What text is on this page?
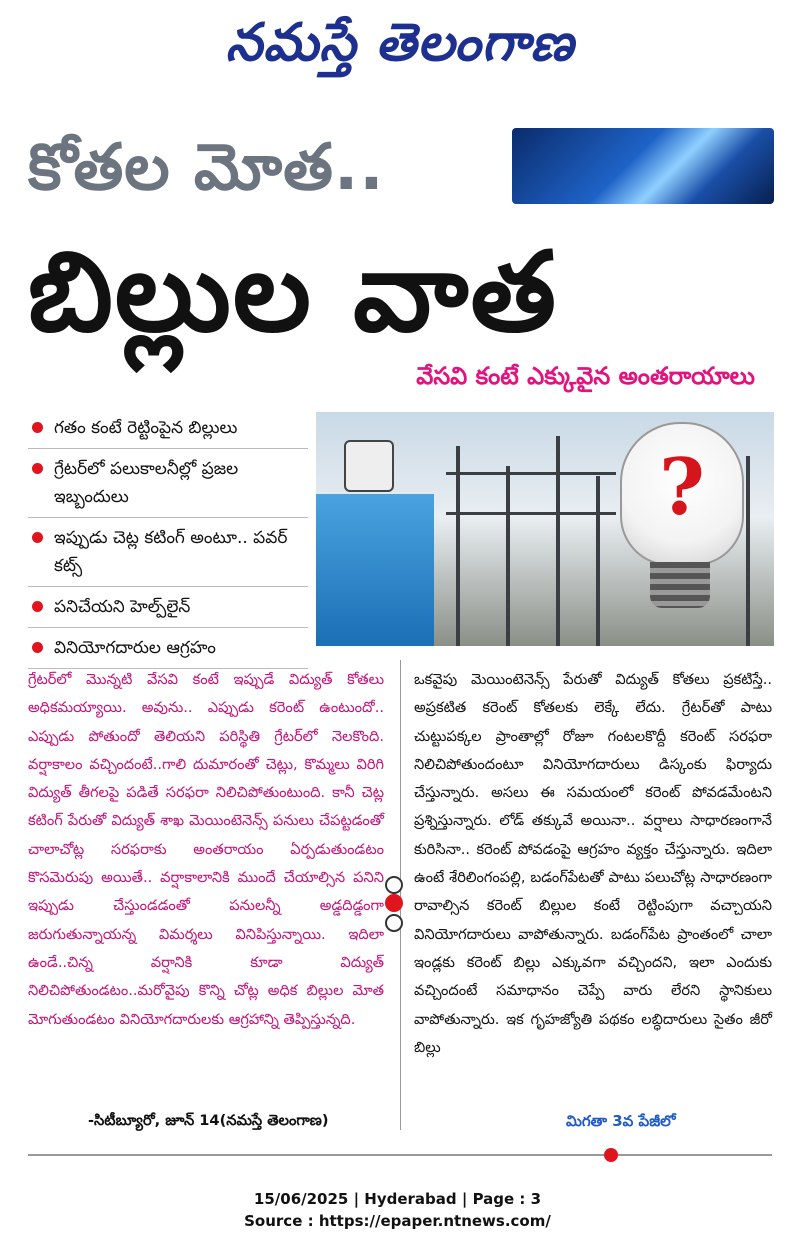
నమస్తే తెలంగాణ
కోతల మోత..
బిల్లుల వాత
వేసవి కంటే ఎక్కువైన అంతరాయాలు
గతం కంటే రెట్టింపైన బిల్లులు
గ్రేటర్‌లో పలుకాలనీల్లో ప్రజల ఇబ్బందులు
ఇప్పుడు చెట్ల కటింగ్ అంటూ.. పవర్ కట్స్
పనిచేయని హెల్ప్‌లైన్
వినియోగదారుల ఆగ్రహం
?
గ్రేటర్‌లో మొన్నటి వేసవి కంటే ఇప్పుడే విద్యుత్ కోతలు అధికమయ్యాయి. అవును.. ఎప్పుడు కరెంట్ ఉంటుందో.. ఎప్పుడు పోతుందో తెలియని పరిస్థితి గ్రేటర్‌లో నెలకొంది. వర్షాకాలం వచ్చిందంటే..గాలి దుమారంతో చెట్లు, కొమ్మలు విరిగి విద్యుత్ తీగలపై పడితే సరఫరా నిలిచిపోతుంటుంది. కానీ చెట్ల కటింగ్ పేరుతో విద్యుత్ శాఖ మెయింటెనెన్స్ పనులు చేపట్టడంతో చాలాచోట్ల సరఫరాకు అంతరాయం ఏర్పడుతుండటం కొసమెరుపు అయితే.. వర్షాకాలానికి ముందే చేయాల్సిన పనిని ఇప్పుడు చేస్తుండడంతో పనులన్నీ అడ్డదిడ్డంగా జరుగుతున్నాయన్న విమర్శలు వినిపిస్తున్నాయి. ఇదిలా ఉండే..చిన్న వర్షానికి కూడా విద్యుత్ నిలిచిపోతుండటం..మరోవైపు కొన్ని చోట్ల అధిక బిల్లుల మోత మోగుతుండటం వినియోగదారులకు ఆగ్రహాన్ని తెప్పిస్తున్నది.
ఒకవైపు మెయింటెనెన్స్ పేరుతో విద్యుత్ కోతలు ప్రకటిస్తే.. అప్రకటిత కరెంట్ కోతలకు లెక్కే లేదు. గ్రేటర్‌తో పాటు చుట్టుపక్కల ప్రాంతాల్లో రోజూ గంటలకొద్దీ కరెంట్ సరఫరా నిలిచిపోతుందంటూ వినియోగదారులు డిస్కంకు ఫిర్యాదు చేస్తున్నారు. అసలు ఈ సమయంలో కరెంట్ పోవడమేంటని ప్రశ్నిస్తున్నారు. లోడ్ తక్కువే అయినా.. వర్షాలు సాధారణంగానే కురిసినా.. కరెంట్ పోవడంపై ఆగ్రహం వ్యక్తం చేస్తున్నారు. ఇదిలా ఉంటే శేరిలింగంపల్లి, బడంగ్‌పేటతో పాటు పలుచోట్ల సాధారణంగా రావాల్సిన కరెంట్ బిల్లుల కంటే రెట్టింపుగా వచ్చాయని వినియోగదారులు వాపోతున్నారు. బడంగ్‌పేట ప్రాంతంలో చాలా ఇండ్లకు కరెంట్ బిల్లు ఎక్కువగా వచ్చిందని, ఇలా ఎందుకు వచ్చిందంటే సమాధానం చెప్పే వారు లేరని స్థానికులు వాపోతున్నారు. ఇక గృహజ్యోతి పథకం లబ్ధిదారులు సైతం జీరో బిల్లు
-సిటీబ్యూరో, జూన్ 14(నమస్తే తెలంగాణ)	మిగతా 3వ పేజీలో
15/06/2025 | Hyderabad | Page : 3
Source : https://epaper.ntnews.com/
